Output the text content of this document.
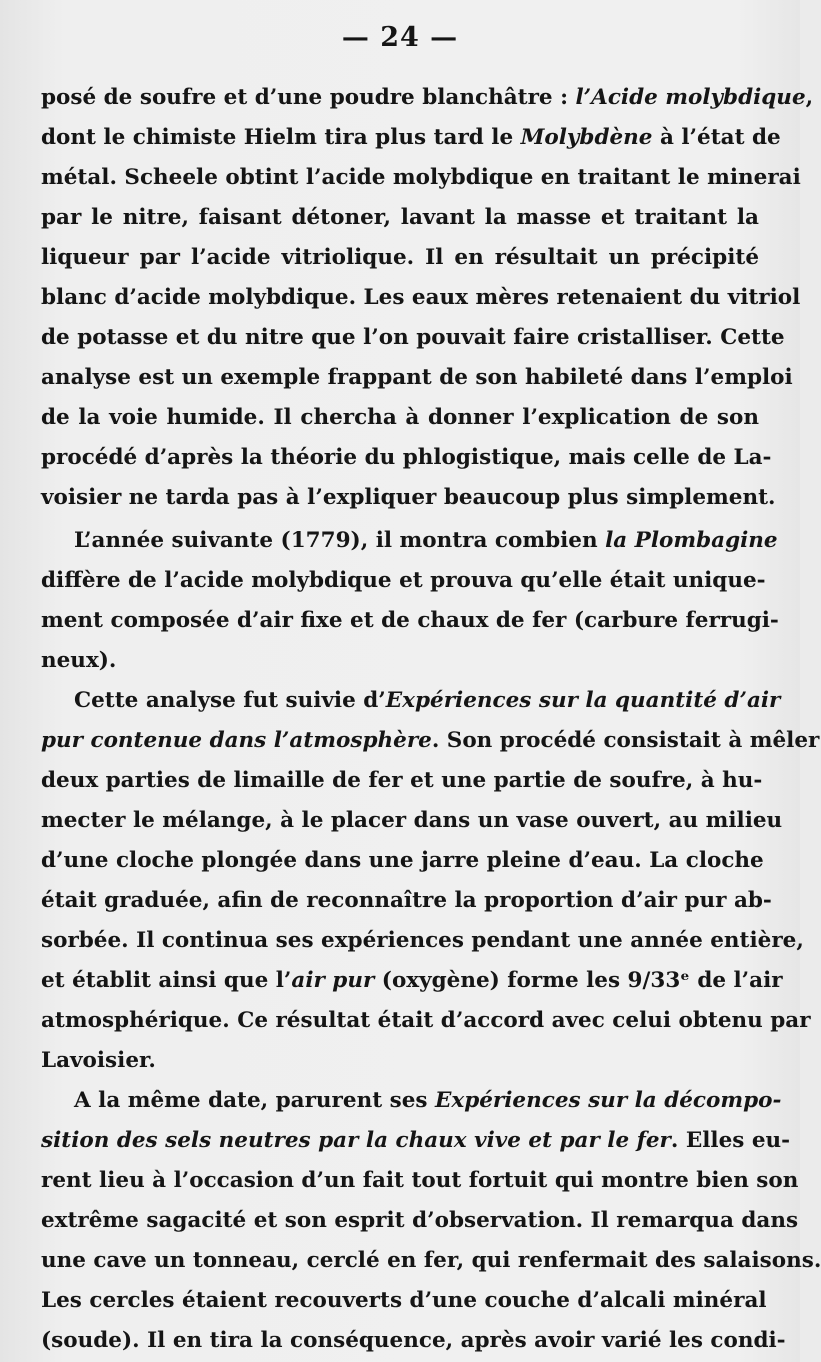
— 24 —
posé de soufre et d’une poudre blanchâtre : l’Acide molybdique,
dont le chimiste Hielm tira plus tard le Molybdène à l’état de
métal. Scheele obtint l’acide molybdique en traitant le minerai
par le nitre, faisant détoner, lavant la masse et traitant la
liqueur par l’acide vitriolique. Il en résultait un précipité
blanc d’acide molybdique. Les eaux mères retenaient du vitriol
de potasse et du nitre que l’on pouvait faire cristalliser. Cette
analyse est un exemple frappant de son habileté dans l’emploi
de la voie humide. Il chercha à donner l’explication de son
procédé d’après la théorie du phlogistique, mais celle de La-
voisier ne tarda pas à l’expliquer beaucoup plus simplement.
L’année suivante (1779), il montra combien la Plombagine
diffère de l’acide molybdique et prouva qu’elle était unique-
ment composée d’air fixe et de chaux de fer (carbure ferrugi-
neux).
Cette analyse fut suivie d’Expériences sur la quantité d’air
pur contenue dans l’atmosphère. Son procédé consistait à mêler
deux parties de limaille de fer et une partie de soufre, à hu-
mecter le mélange, à le placer dans un vase ouvert, au milieu
d’une cloche plongée dans une jarre pleine d’eau. La cloche
était graduée, afin de reconnaître la proportion d’air pur ab-
sorbée. Il continua ses expériences pendant une année entière,
et établit ainsi que l’air pur (oxygène) forme les 9/33ᵉ de l’air
atmosphérique. Ce résultat était d’accord avec celui obtenu par
Lavoisier.
A la même date, parurent ses Expériences sur la décompo-
sition des sels neutres par la chaux vive et par le fer. Elles eu-
rent lieu à l’occasion d’un fait tout fortuit qui montre bien son
extrême sagacité et son esprit d’observation. Il remarqua dans
une cave un tonneau, cerclé en fer, qui renfermait des salaisons.
Les cercles étaient recouverts d’une couche d’alcali minéral
(soude). Il en tira la conséquence, après avoir varié les condi-
